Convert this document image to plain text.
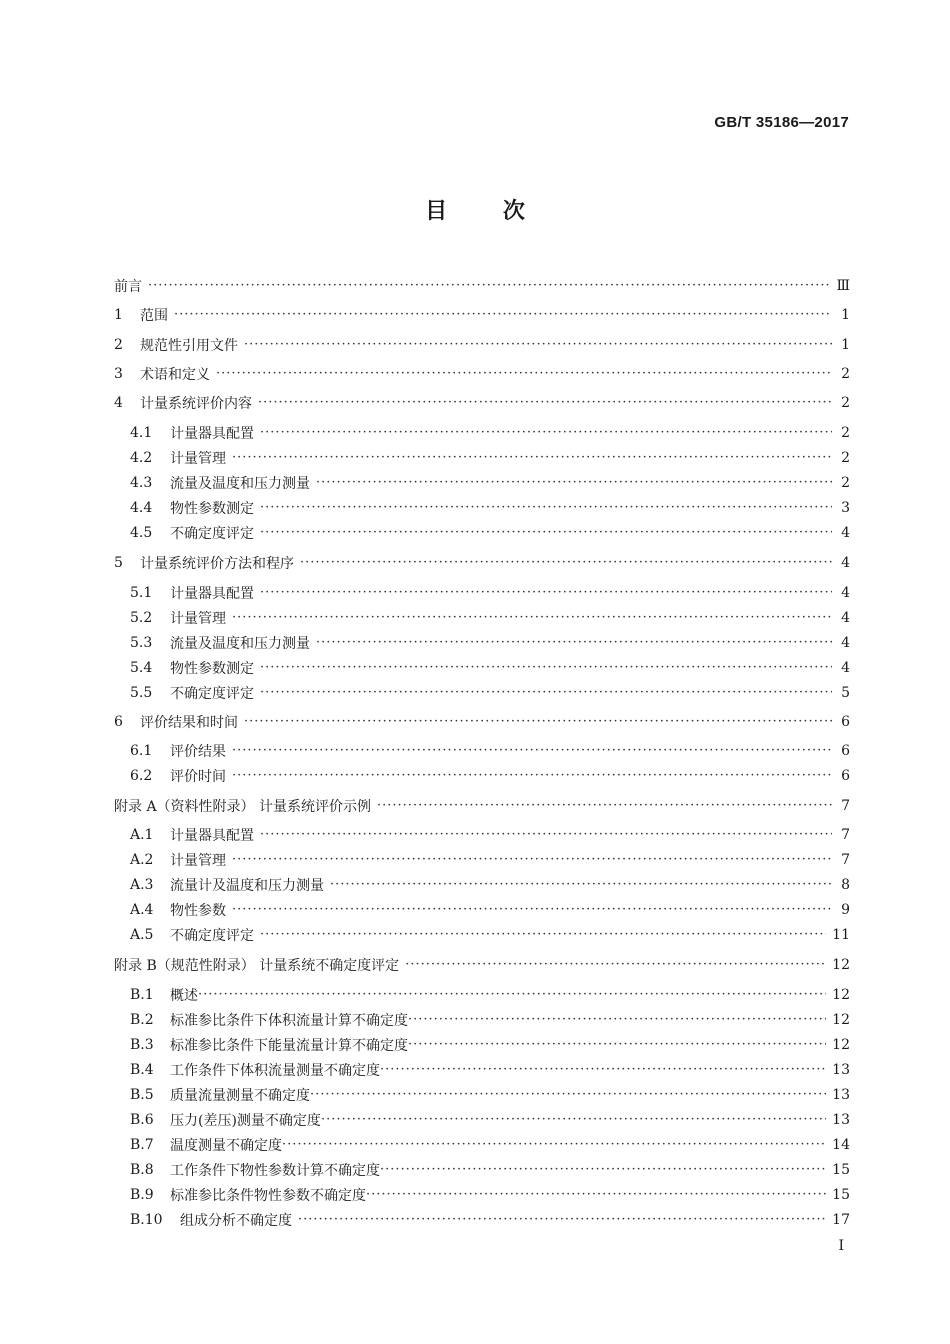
GB/T 35186—2017
目 次
前言 ·····	Ⅲ
1	范围 ·····	1
2	规范性引用文件 ·····	1
3	术语和定义 ·····	2
4	计量系统评价内容 ·····	2
4.1	计量器具配置 ·····	2
4.2	计量管理 ·····	2
4.3	流量及温度和压力测量 ·····	2
4.4	物性参数测定 ·····	3
4.5	不确定度评定 ·····	4
5	计量系统评价方法和程序 ·····	4
5.1	计量器具配置 ·····	4
5.2	计量管理 ·····	4
5.3	流量及温度和压力测量 ·····	4
5.4	物性参数测定 ·····	4
5.5	不确定度评定 ·····	5
6	评价结果和时间 ·····	6
6.1	评价结果 ·····	6
6.2	评价时间 ·····	6
附录 A（资料性附录） 计量系统评价示例 ·····	7
A.1	计量器具配置 ·····	7
A.2	计量管理 ·····	7
A.3	流量计及温度和压力测量 ·····	8
A.4	物性参数 ·····	9
A.5	不确定度评定 ·····	11
附录 B（规范性附录） 计量系统不确定度评定 ·····	12
B.1	概述 ·····	12
B.2	标准参比条件下体积流量计算不确定度 ·····	12
B.3	标准参比条件下能量流量计算不确定度 ·····	12
B.4	工作条件下体积流量测量不确定度 ·····	13
B.5	质量流量测量不确定度 ·····	13
B.6	压力(差压)测量不确定度 ·····	13
B.7	温度测量不确定度 ·····	14
B.8	工作条件下物性参数计算不确定度 ·····	15
B.9	标准参比条件物性参数不确定度 ·····	15
B.10	组成分析不确定度 ·····	17
I
